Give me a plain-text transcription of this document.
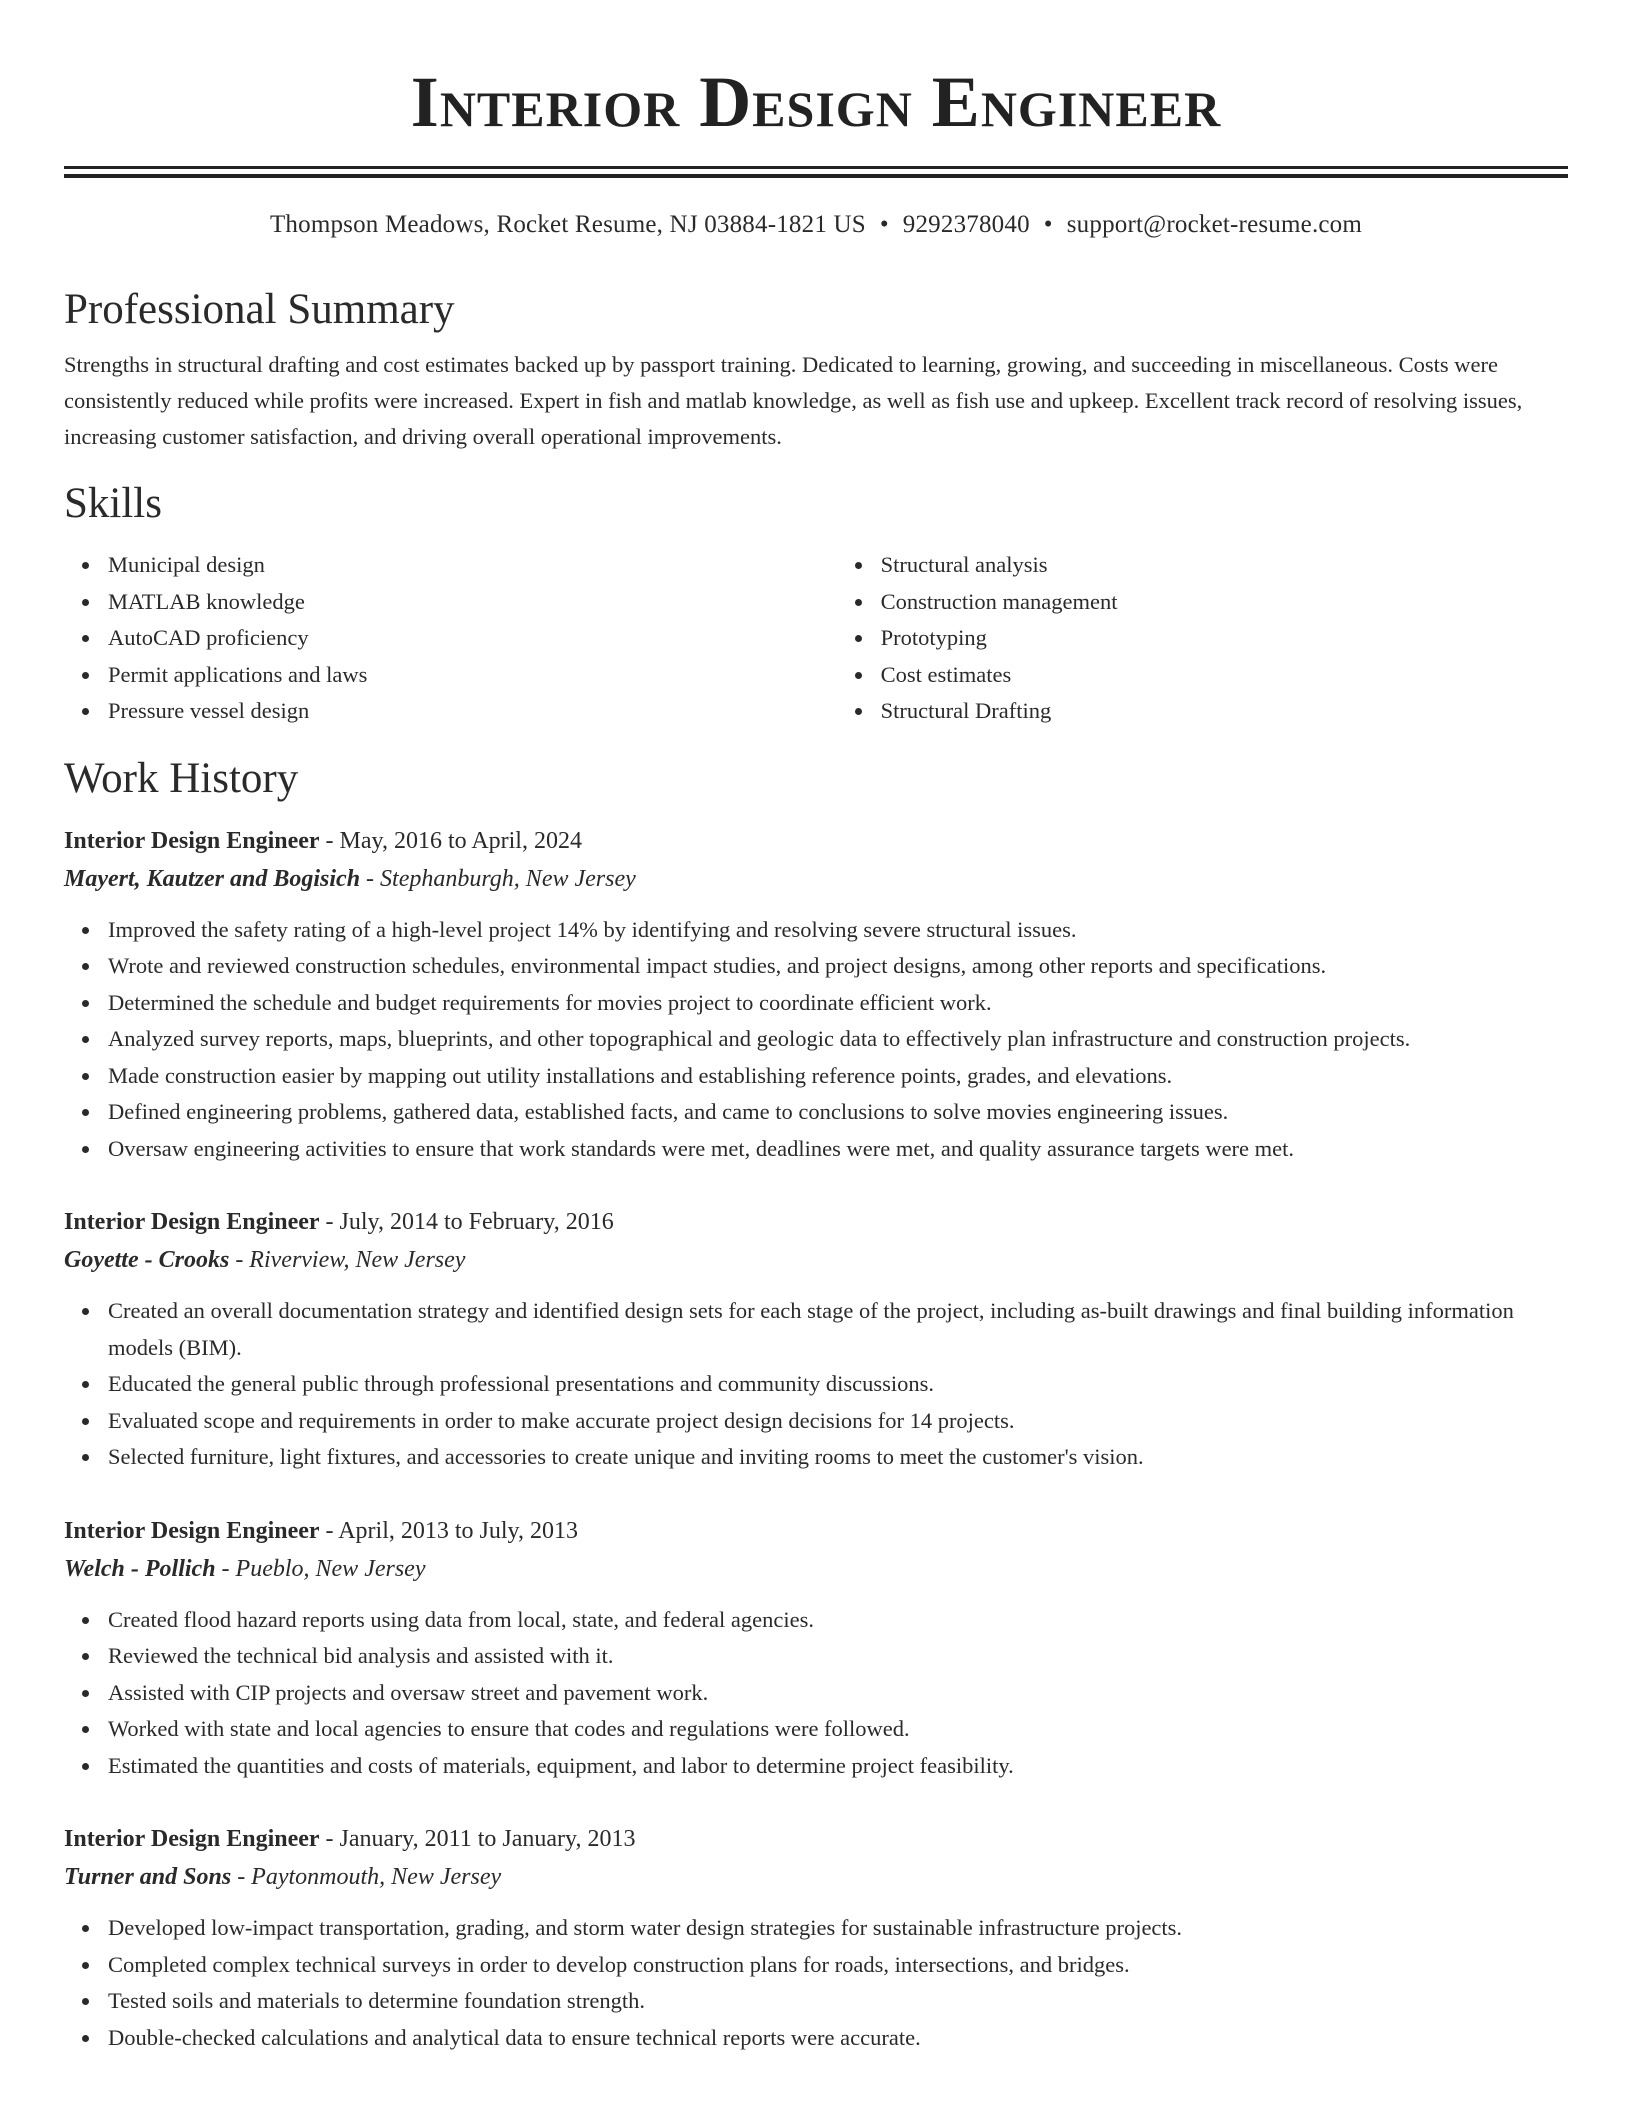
Interior Design Engineer
Thompson Meadows, Rocket Resume, NJ 03884-1821 US • 9292378040 • support@rocket-resume.com
Professional Summary
Strengths in structural drafting and cost estimates backed up by passport training. Dedicated to learning, growing, and succeeding in miscellaneous. Costs were consistently reduced while profits were increased. Expert in fish and matlab knowledge, as well as fish use and upkeep. Excellent track record of resolving issues, increasing customer satisfaction, and driving overall operational improvements.
Skills
Municipal design
MATLAB knowledge
AutoCAD proficiency
Permit applications and laws
Pressure vessel design
Structural analysis
Construction management
Prototyping
Cost estimates
Structural Drafting
Work History
Interior Design Engineer - May, 2016 to April, 2024
Mayert, Kautzer and Bogisich - Stephanburgh, New Jersey
Improved the safety rating of a high-level project 14% by identifying and resolving severe structural issues.
Wrote and reviewed construction schedules, environmental impact studies, and project designs, among other reports and specifications.
Determined the schedule and budget requirements for movies project to coordinate efficient work.
Analyzed survey reports, maps, blueprints, and other topographical and geologic data to effectively plan infrastructure and construction projects.
Made construction easier by mapping out utility installations and establishing reference points, grades, and elevations.
Defined engineering problems, gathered data, established facts, and came to conclusions to solve movies engineering issues.
Oversaw engineering activities to ensure that work standards were met, deadlines were met, and quality assurance targets were met.
Interior Design Engineer - July, 2014 to February, 2016
Goyette - Crooks - Riverview, New Jersey
Created an overall documentation strategy and identified design sets for each stage of the project, including as-built drawings and final building information models (BIM).
Educated the general public through professional presentations and community discussions.
Evaluated scope and requirements in order to make accurate project design decisions for 14 projects.
Selected furniture, light fixtures, and accessories to create unique and inviting rooms to meet the customer's vision.
Interior Design Engineer - April, 2013 to July, 2013
Welch - Pollich - Pueblo, New Jersey
Created flood hazard reports using data from local, state, and federal agencies.
Reviewed the technical bid analysis and assisted with it.
Assisted with CIP projects and oversaw street and pavement work.
Worked with state and local agencies to ensure that codes and regulations were followed.
Estimated the quantities and costs of materials, equipment, and labor to determine project feasibility.
Interior Design Engineer - January, 2011 to January, 2013
Turner and Sons - Paytonmouth, New Jersey
Developed low-impact transportation, grading, and storm water design strategies for sustainable infrastructure projects.
Completed complex technical surveys in order to develop construction plans for roads, intersections, and bridges.
Tested soils and materials to determine foundation strength.
Double-checked calculations and analytical data to ensure technical reports were accurate.
